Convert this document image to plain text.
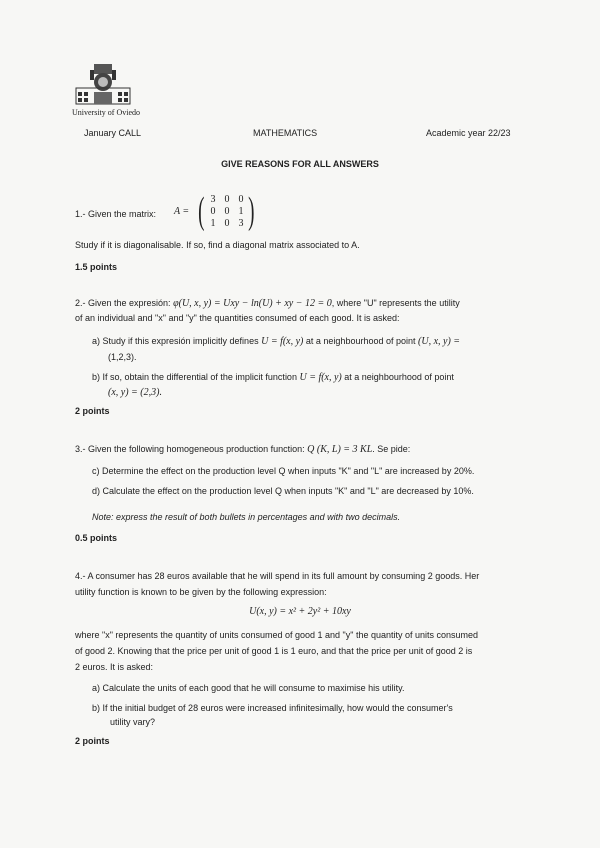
University of Oviedo
January CALL	MATHEMATICS	Academic year 22/23
GIVE REASONS FOR ALL ANSWERS
1.- Given the matrix:	A = ( 3 0 0
0 0 1
1 0 3 )
Study if it is diagonalisable. If so, find a diagonal matrix associated to A.
1.5 points
2.- Given the expresión: φ(U, x, y) = Uxy − ln(U) + xy − 12 = 0, where "U" represents the utility
of an individual and "x" and "y" the quantities consumed of each good. It is asked:
a) Study if this expresión implicitly defines U = f(x, y) at a neighbourhood of point (U, x, y) =
(1,2,3).
b) If so, obtain the differential of the implicit function U = f(x, y) at a neighbourhood of point
(x, y) = (2,3).
2 points
3.- Given the following homogeneous production function: Q (K, L) = 3 KL. Se pide:
c) Determine the effect on the production level Q when inputs "K" and "L" are increased by 20%.
d) Calculate the effect on the production level Q when inputs "K" and "L" are decreased by 10%.
Note: express the result of both bullets in percentages and with two decimals.
0.5 points
4.- A consumer has 28 euros available that he will spend in its full amount by consuming 2 goods. Her
utility function is known to be given by the following expression:
U(x, y) = x² + 2y² + 10xy
where "x" represents the quantity of units consumed of good 1 and "y" the quantity of units consumed
of good 2. Knowing that the price per unit of good 1 is 1 euro, and that the price per unit of good 2 is
2 euros. It is asked:
a) Calculate the units of each good that he will consume to maximise his utility.
b) If the initial budget of 28 euros were increased infinitesimally, how would the consumer's
utility vary?
2 points
